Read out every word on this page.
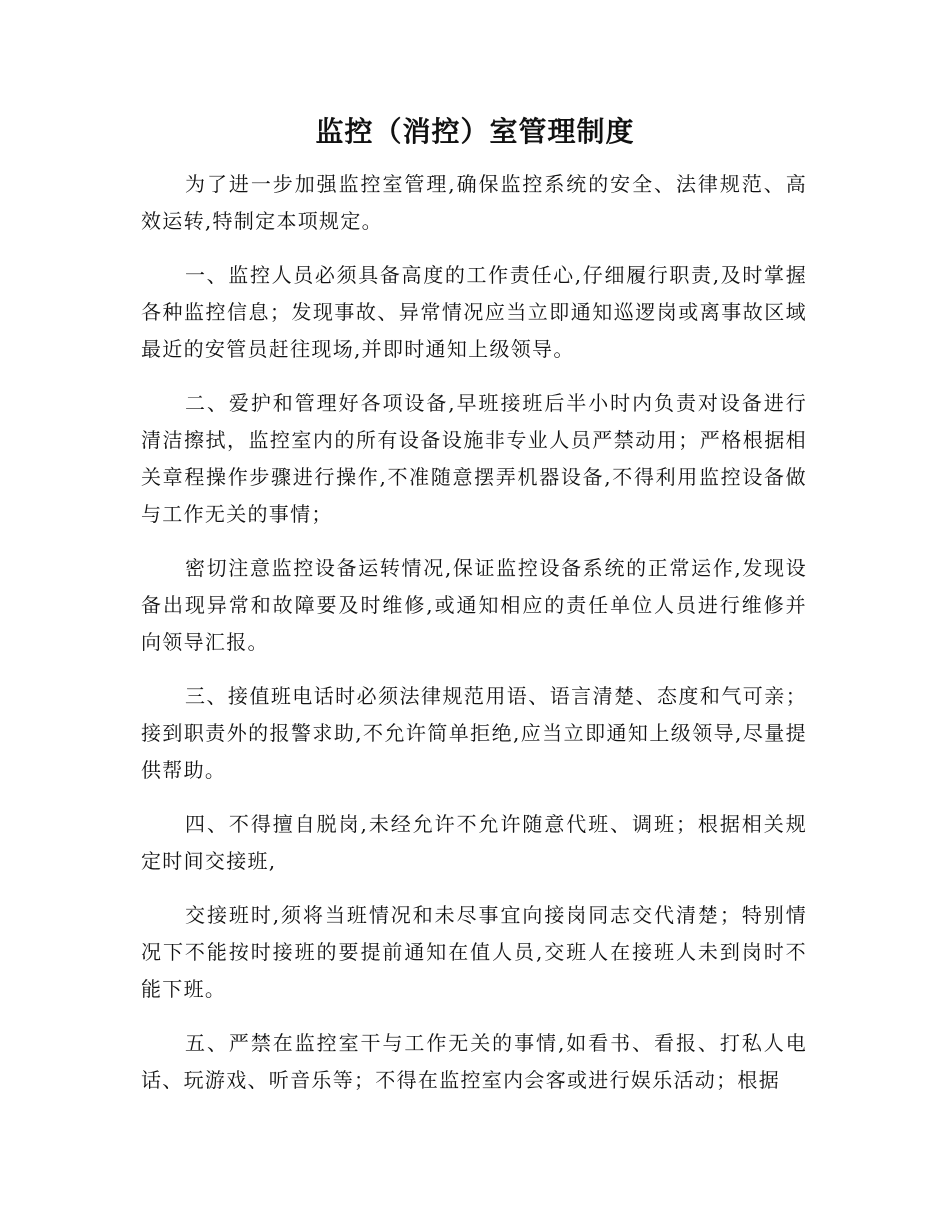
监控（消控）室管理制度

为了进一步加强监控室管理,确保监控系统的安全、法律规范、高效运转,特制定本项规定。

一、监控人员必须具备高度的工作责任心,仔细履行职责,及时掌握各种监控信息；发现事故、异常情况应当立即通知巡逻岗或离事故区域最近的安管员赶往现场,并即时通知上级领导。

二、爱护和管理好各项设备,早班接班后半小时内负责对设备进行清洁擦拭，监控室内的所有设备设施非专业人员严禁动用；严格根据相关章程操作步骤进行操作,不准随意摆弄机器设备,不得利用监控设备做与工作无关的事情；

密切注意监控设备运转情况,保证监控设备系统的正常运作,发现设备出现异常和故障要及时维修,或通知相应的责任单位人员进行维修并向领导汇报。

三、接值班电话时必须法律规范用语、语言清楚、态度和气可亲；接到职责外的报警求助,不允许简单拒绝,应当立即通知上级领导,尽量提供帮助。

四、不得擅自脱岗,未经允许不允许随意代班、调班；根据相关规定时间交接班,

交接班时,须将当班情况和未尽事宜向接岗同志交代清楚；特别情况下不能按时接班的要提前通知在值人员,交班人在接班人未到岗时不能下班。

五、严禁在监控室干与工作无关的事情,如看书、看报、打私人电话、玩游戏、听音乐等；不得在监控室内会客或进行娱乐活动；根据
